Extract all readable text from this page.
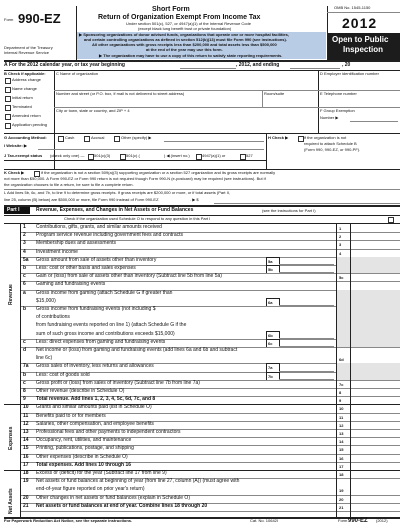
Form 990-EZ
Department of the Treasury
Internal Revenue Service
Short Form
Return of Organization Exempt From Income Tax
Under section 501(c), 527, or 4947(a)(1) of the Internal Revenue Code
(except black lung benefit trust or private foundation)
▶ Sponsoring organizations of donor advised funds, organizations that operate one or more hospital facilities,
and certain controlling organizations as defined in section 512(b)(13) must file Form 990 (see instructions).
All other organizations with gross receipts less than $200,000 and total assets less than $500,000
at the end of the year may use this form.
▶ The organization may have to use a copy of this return to satisfy state reporting requirements.
OMB No. 1545-1150
2012
Open to Public
Inspection
A For the 2012 calendar year, or tax year beginning	, 2012, and ending	, 20
B Check if applicable:
Address change
Name change
Initial return
Terminated
Amended return
Application pending
C Name of organization
Number and street (or P.O. box, if mail is not delivered to street address)	Room/suite
City or town, state or country, and ZIP + 4
D Employer identification number
E Telephone number
F Group Exemption
Number ▶
G Accounting Method:	Cash	Accrual	Other (specify) ▶	H Check ▶	if the organization is not
required to attach Schedule B
(Form 990, 990-EZ, or 990-PF).
I Website: ▶
J Tax-exempt status (check only one) — 501(c)(3)	501(c) (	) ◀ (insert no.)	4947(a)(1) or	527
K Check ▶	if the organization is not a section 509(a)(3) supporting organization or a section 527 organization and its gross receipts are normally
not more than $50,000. A Form 990-EZ or Form 990 return is not required though Form 990-N (e-postcard) may be required (see instructions). But if
the organization chooses to file a return, be sure to file a complete return.
L Add lines 5b, 6c, and 7b, to line 9 to determine gross receipts. If gross receipts are $200,000 or more, or if total assets (Part II,
line 25, column (B) below) are $500,000 or more, file Form 990 instead of Form 990-EZ	. ▶ $
Part I	Revenue, Expenses, and Changes in Net Assets or Fund Balances	(see the instructions for Part I)
Check if the organization used Schedule O to respond to any question in this Part I
1 Contributions, gifts, grants, and similar amounts received	1
2 Program service revenue including government fees and contracts	2
3 Membership dues and assessments	3
4 Investment income	4
5a Gross amount from sale of assets other than inventory	5a
b Less: cost or other basis and sales expenses	5b
c Gain or (loss) from sale of assets other than inventory (Subtract line 5b from line 5a)	5c
6 Gaming and fundraising events
a Gross income from gaming (attach Schedule G if greater than
$15,000)	6a
b Gross income from fundraising events (not including $
of contributions
from fundraising events reported on line 1) (attach Schedule G if the
sum of such gross income and contributions exceeds $15,000)	6b
c Less: direct expenses from gaming and fundraising events	6c
d Net income or (loss) from gaming and fundraising events (add lines 6a and 6b and subtract
line 6c)	6d
7a Gross sales of inventory, less returns and allowances	7a
b Less: cost of goods sold	7b
c Gross profit or (loss) from sales of inventory (Subtract line 7b from line 7a)	7c
8 Other revenue (describe in Schedule O)	8
9 Total revenue. Add lines 1, 2, 3, 4, 5c, 6d, 7c, and 8	9
10 Grants and similar amounts paid (list in Schedule O)	10
11 Benefits paid to or for members	11
12 Salaries, other compensation, and employee benefits	12
13 Professional fees and other payments to independent contractors	13
14 Occupancy, rent, utilities, and maintenance	14
15 Printing, publications, postage, and shipping	15
16 Other expenses (describe in Schedule O)	16
17 Total expenses. Add lines 10 through 16	17
18 Excess or (deficit) for the year (Subtract line 17 from line 9)	18
19 Net assets or fund balances at beginning of year (from line 27, column (A)) (must agree with
end-of-year figure reported on prior year's return)	19
20 Other changes in net assets or fund balances (explain in Schedule O)	20
21 Net assets or fund balances at end of year. Combine lines 18 through 20	21
Revenue
Expenses
Net Assets
For Paperwork Reduction Act Notice, see the separate instructions.	Cat. No. 10642I	Form 990-EZ (2012)
